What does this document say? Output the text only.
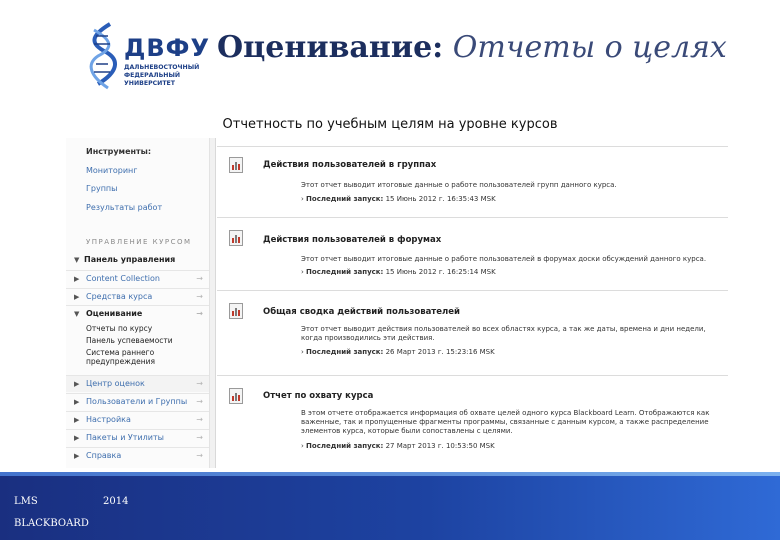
ДВФУ
ДАЛЬНЕВОСТОЧНЫЙ
ФЕДЕРАЛЬНЫЙ
УНИВЕРСИТЕТ
Оценивание: Отчеты о целях
Отчетность по учебным целям на уровне курсов
Инструменты:
Мониторинг
Группы
Результаты работ
УПРАВЛЕНИЕ КУРСОМ
▼ Панель управления
▶ Content Collection	→
▶ Средства курса	→
▼ Оценивание	→
Отчеты по курсу
Панель успеваемости
Система раннего предупреждения
▶ Центр оценок	→
▶ Пользователи и Группы →
▶ Настройка	→
▶ Пакеты и Утилиты	→
▶ Справка	→
Действия пользователей в группах
Этот отчет выводит итоговые данные о работе пользователей групп данного курса.
› Последний запуск: 15 Июнь 2012 г. 16:35:43 MSK
Действия пользователей в форумах
Этот отчет выводит итоговые данные о работе пользователей в форумах доски обсуждений данного курса.
› Последний запуск: 15 Июнь 2012 г. 16:25:14 MSK
Общая сводка действий пользователей
Этот отчет выводит действия пользователей во всех областях курса, а так же даты, времена и дни недели, когда производились эти действия.
› Последний запуск: 26 Март 2013 г. 15:23:16 MSK
Отчет по охвату курса
В этом отчете отображается информация об охвате целей одного курса Blackboard Learn. Отображаются как важенные, так и пропущенные фрагменты программы, связанные с данным курсом, а также распределение элементов курса, которые были сопоставлены с целями.
› Последний запуск: 27 Март 2013 г. 10:53:50 MSK
LMS
BLACKBOARD
2014
